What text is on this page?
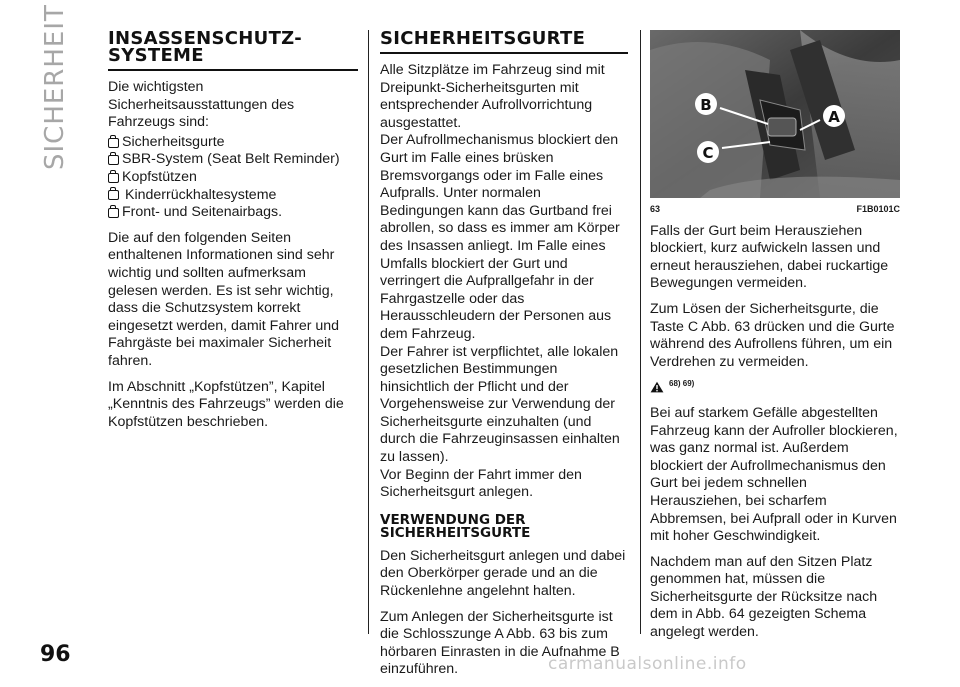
SICHERHEIT
96	carmanualsonline.info
INSASSENSCHUTZ-
SYSTEME

Die wichtigsten Sicherheitsausstattungen des Fahrzeugs sind:

Sicherheitsgurte
SBR-System (Seat Belt Reminder)
Kopfstützen
Kinderrückhaltesysteme
Front- und Seitenairbags.

Die auf den folgenden Seiten enthaltenen Informationen sind sehr wichtig und sollten aufmerksam gelesen werden. Es ist sehr wichtig, dass die Schutzsystem korrekt eingesetzt werden, damit Fahrer und Fahrgäste bei maximaler Sicherheit fahren.

Im Abschnitt „Kopfstützen”, Kapitel „Kenntnis des Fahrzeugs” werden die Kopfstützen beschrieben.

SICHERHEITSGURTE

Alle Sitzplätze im Fahrzeug sind mit Dreipunkt-Sicherheitsgurten mit entsprechender Aufrollvorrichtung ausgestattet.

Der Aufrollmechanismus blockiert den Gurt im Falle eines brüsken Bremsvorgangs oder im Falle eines Aufpralls. Unter normalen Bedingungen kann das Gurtband frei abrollen, so dass es immer am Körper des Insassen anliegt. Im Falle eines Umfalls blockiert der Gurt und verringert die Aufprallgefahr in der Fahrgastzelle oder das Herausschleudern der Personen aus dem Fahrzeug.

Der Fahrer ist verpflichtet, alle lokalen gesetzlichen Bestimmungen hinsichtlich der Pflicht und der Vorgehensweise zur Verwendung der Sicherheitsgurte einzuhalten (und durch die Fahrzeuginsassen einhalten zu lassen).

Vor Beginn der Fahrt immer den Sicherheitsgurt anlegen.

VERWENDUNG DER
SICHERHEITSGURTE

Den Sicherheitsgurt anlegen und dabei den Oberkörper gerade und an die Rückenlehne angelehnt halten.

Zum Anlegen der Sicherheitsgurte ist die Schlosszunge A Abb. 63 bis zum hörbaren Einrasten in die Aufnahme B einzuführen.

B
A
C
63	F1B0101C

Falls der Gurt beim Herausziehen blockiert, kurz aufwickeln lassen und erneut herausziehen, dabei ruckartige Bewegungen vermeiden.

Zum Lösen der Sicherheitsgurte, die Taste C Abb. 63 drücken und die Gurte während des Aufrollens führen, um ein Verdrehen zu vermeiden.

68) 69)

Bei auf starkem Gefälle abgestellten Fahrzeug kann der Aufroller blockieren, was ganz normal ist. Außerdem blockiert der Aufrollmechanismus den Gurt bei jedem schnellen Herausziehen, bei scharfem Abbremsen, bei Aufprall oder in Kurven mit hoher Geschwindigkeit.

Nachdem man auf den Sitzen Platz genommen hat, müssen die Sicherheitsgurte der Rücksitze nach dem in Abb. 64 gezeigten Schema angelegt werden.
